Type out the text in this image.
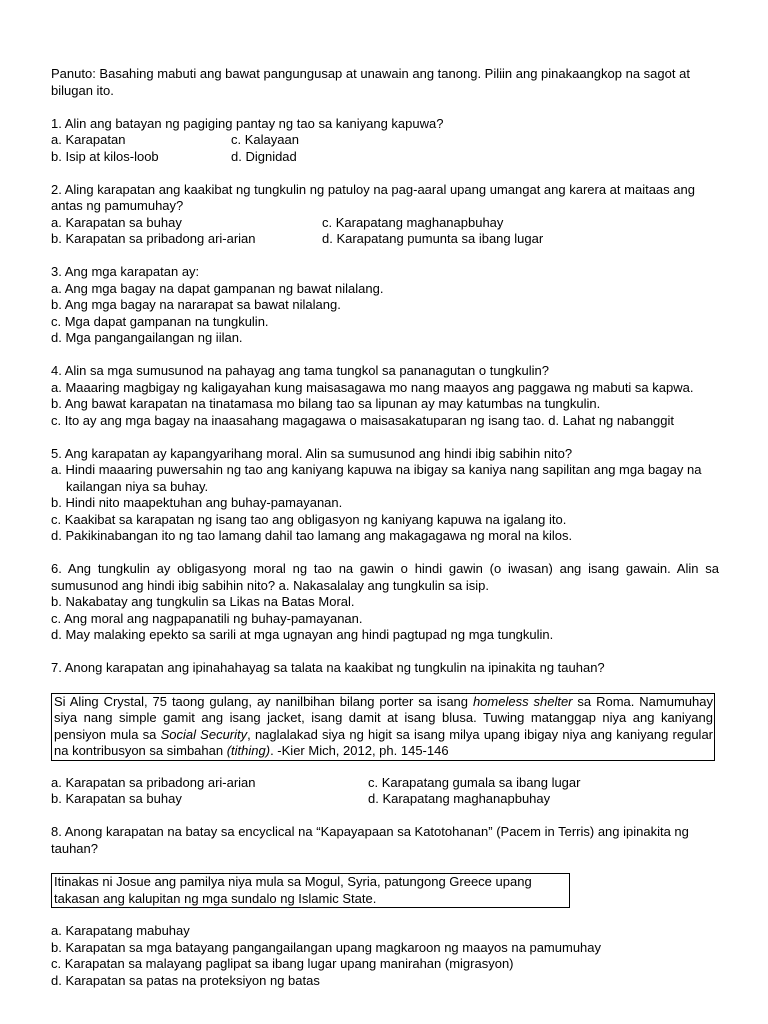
Panuto: Basahing mabuti ang bawat pangungusap at unawain ang tanong. Piliin ang pinakaangkop na sagot at bilugan ito.
1. Alin ang batayan ng pagiging pantay ng tao sa kaniyang kapuwa?
a. Karapatan	c. Kalayaan
b. Isip at kilos-loob	d. Dignidad
2. Aling karapatan ang kaakibat ng tungkulin ng patuloy na pag-aaral upang umangat ang karera at maitaas ang antas ng pamumuhay?
a. Karapatan sa buhay	c. Karapatang maghanapbuhay
b. Karapatan sa pribadong ari-arian	d. Karapatang pumunta sa ibang lugar
3. Ang mga karapatan ay:
a. Ang mga bagay na dapat gampanan ng bawat nilalang.
b. Ang mga bagay na nararapat sa bawat nilalang.
c. Mga dapat gampanan na tungkulin.
d. Mga pangangailangan ng iilan.
4. Alin sa mga sumusunod na pahayag ang tama tungkol sa pananagutan o tungkulin?
a. Maaaring magbigay ng kaligayahan kung maisasagawa mo nang maayos ang paggawa ng mabuti sa kapwa.
b. Ang bawat karapatan na tinatamasa mo bilang tao sa lipunan ay may katumbas na tungkulin.
c. Ito ay ang mga bagay na inaasahang magagawa o maisasakatuparan ng isang tao. d. Lahat ng nabanggit
5. Ang karapatan ay kapangyarihang moral. Alin sa sumusunod ang hindi ibig sabihin nito?
a. Hindi maaaring puwersahin ng tao ang kaniyang kapuwa na ibigay sa kaniya nang sapilitan ang mga bagay na kailangan niya sa buhay.
b. Hindi nito maapektuhan ang buhay-pamayanan.
c. Kaakibat sa karapatan ng isang tao ang obligasyon ng kaniyang kapuwa na igalang ito.
d. Pakikinabangan ito ng tao lamang dahil tao lamang ang makagagawa ng moral na kilos.
6. Ang tungkulin ay obligasyong moral ng tao na gawin o hindi gawin (o iwasan) ang isang gawain. Alin sa sumusunod ang hindi ibig sabihin nito? a. Nakasalalay ang tungkulin sa isip.
b. Nakabatay ang tungkulin sa Likas na Batas Moral.
c. Ang moral ang nagpapanatili ng buhay-pamayanan.
d. May malaking epekto sa sarili at mga ugnayan ang hindi pagtupad ng mga tungkulin.
7. Anong karapatan ang ipinahahayag sa talata na kaakibat ng tungkulin na ipinakita ng tauhan?
Si Aling Crystal, 75 taong gulang, ay nanilbihan bilang porter sa isang homeless shelter sa Roma. Namumuhay siya nang simple gamit ang isang jacket, isang damit at isang blusa. Tuwing matanggap niya ang kaniyang pensiyon mula sa Social Security, naglalakad siya ng higit sa isang milya upang ibigay niya ang kaniyang regular na kontribusyon sa simbahan (tithing). -Kier Mich, 2012, ph. 145-146
a. Karapatan sa pribadong ari-arian	c. Karapatang gumala sa ibang lugar
b. Karapatan sa buhay	d. Karapatang maghanapbuhay
8. Anong karapatan na batay sa encyclical na “Kapayapaan sa Katotohanan” (Pacem in Terris) ang ipinakita ng tauhan?
Itinakas ni Josue ang pamilya niya mula sa Mogul, Syria, patungong Greece upang takasan ang kalupitan ng mga sundalo ng Islamic State.
a. Karapatang mabuhay
b. Karapatan sa mga batayang pangangailangan upang magkaroon ng maayos na pamumuhay
c. Karapatan sa malayang paglipat sa ibang lugar upang manirahan (migrasyon)
d. Karapatan sa patas na proteksiyon ng batas
